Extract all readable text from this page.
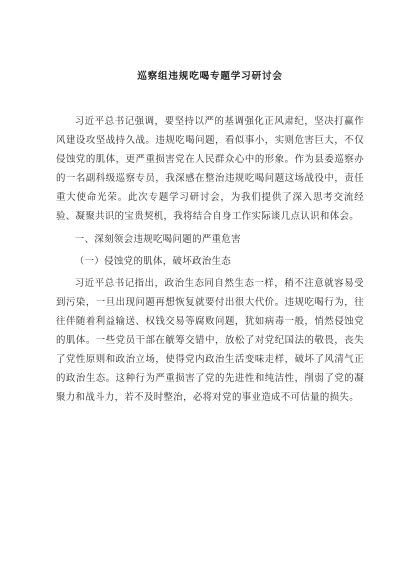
巡察组违规吃喝专题学习研讨会

习近平总书记强调，要坚持以严的基调强化正风肃纪，坚决打赢作风建设攻坚战持久战。违规吃喝问题，看似事小，实则危害巨大，不仅侵蚀党的肌体，更严重损害党在人民群众心中的形象。作为县委巡察办的一名副科级巡察专员，我深感在整治违规吃喝问题这场战役中，责任重大使命光荣。此次专题学习研讨会，为我们提供了深入思考交流经验、凝聚共识的宝贵契机，我将结合自身工作实际谈几点认识和体会。

一、深刻领会违规吃喝问题的严重危害

（一）侵蚀党的肌体，破坏政治生态

习近平总书记指出，政治生态同自然生态一样，稍不注意就容易受到污染，一旦出现问题再想恢复就要付出很大代价。违规吃喝行为，往往伴随着利益输送、权钱交易等腐败问题，犹如病毒一般，悄然侵蚀党的肌体。一些党员干部在觥筹交错中，放松了对党纪国法的敬畏，丧失了党性原则和政治立场，使得党内政治生活变味走样，破坏了风清气正的政治生态。这种行为严重损害了党的先进性和纯洁性，削弱了党的凝聚力和战斗力，若不及时整治，必将对党的事业造成不可估量的损失。
